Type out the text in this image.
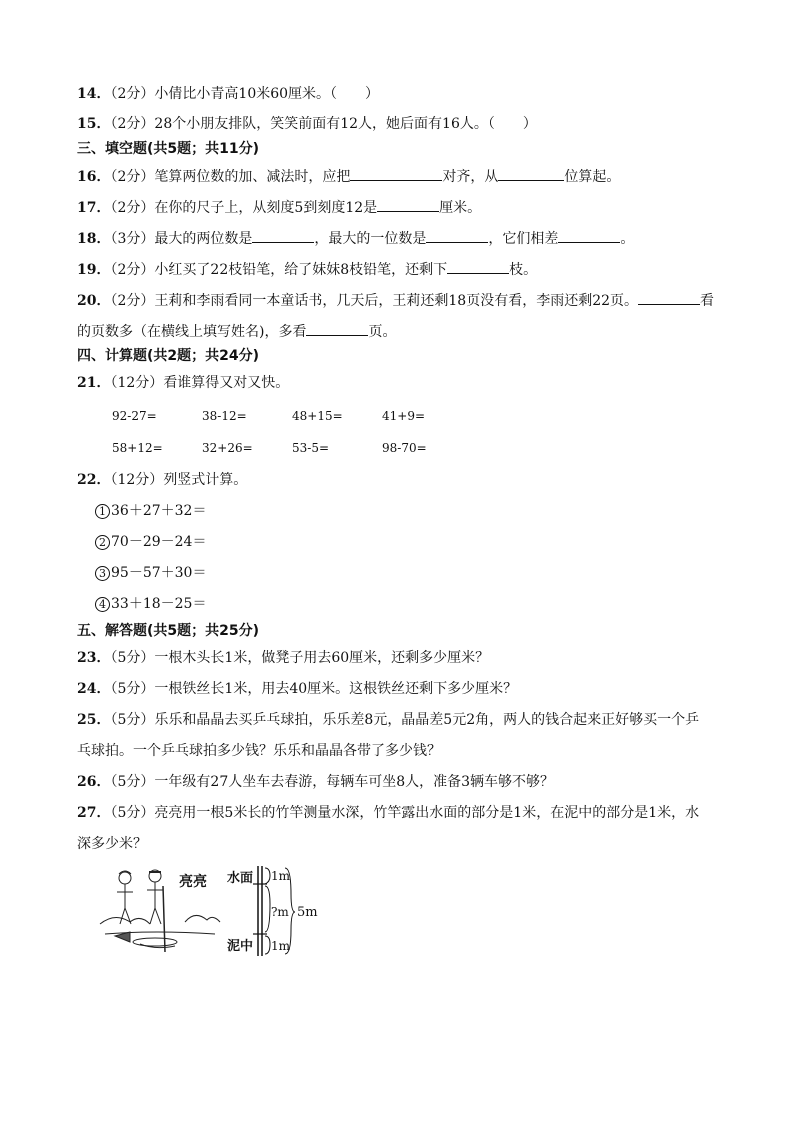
14．（2分）小倩比小青高10米60厘米。（　　）
15．（2分）28个小朋友排队，笑笑前面有12人，她后面有16人。（　　）
三、填空题(共5题；共11分)
16．（2分）笔算两位数的加、减法时，应把	对齐，从	位算起。
17．（2分）在你的尺子上，从刻度5到刻度12是	厘米。
18．（3分）最大的两位数是	，最大的一位数是	，它们相差	。
19．（2分）小红买了22枝铅笔，给了妹妹8枝铅笔，还剩下	枝。
20．（2分）王莉和李雨看同一本童话书，几天后，王莉还剩18页没有看，李雨还剩22页。	看
的页数多（在横线上填写姓名)，多看	页。
四、计算题(共2题；共24分)
21．（12分）看谁算得又对又快。
92-27=	38-12=	48+15=	41+9=
58+12=	32+26=	53-5=	98-70=
22．（12分）列竖式计算。
1 36＋27＋32＝
2 70－29－24＝
3 95－57＋30＝
4 33＋18－25＝
五、解答题(共5题；共25分)
23．（5分）一根木头长1米，做凳子用去60厘米，还剩多少厘米？
24．（5分）一根铁丝长1米，用去40厘米。这根铁丝还剩下多少厘米？
25．（5分）乐乐和晶晶去买乒乓球拍，乐乐差8元，晶晶差5元2角，两人的钱合起来正好够买一个乒
乓球拍。一个乒乓球拍多少钱？乐乐和晶晶各带了多少钱？
26．（5分）一年级有27人坐车去春游，每辆车可坐8人，准备3辆车够不够？
27．（5分）亮亮用一根5米长的竹竿测量水深，竹竿露出水面的部分是1米，在泥中的部分是1米，水
深多少米？
亮亮 水面
泥中
1m
?m
1m
5m
